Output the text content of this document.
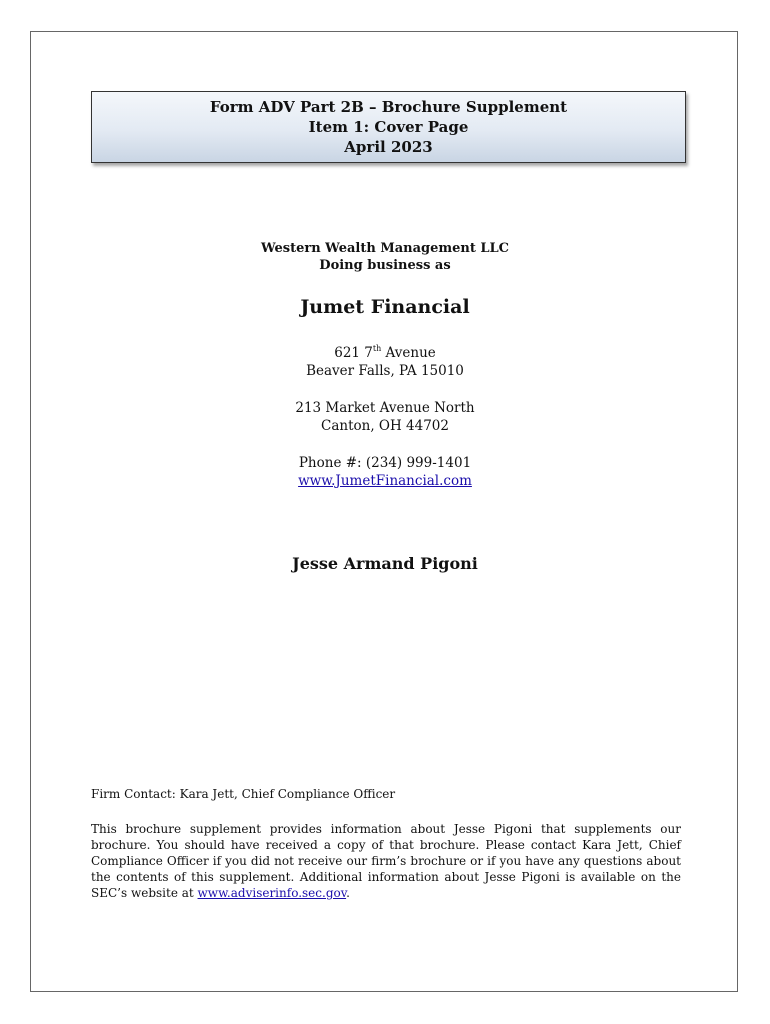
Form ADV Part 2B – Brochure Supplement
Item 1: Cover Page
April 2023
Western Wealth Management LLC
Doing business as
Jumet Financial
621 7th Avenue
Beaver Falls, PA 15010
213 Market Avenue North
Canton, OH 44702
Phone #: (234) 999-1401
www.JumetFinancial.com
Jesse Armand Pigoni
Firm Contact: Kara Jett, Chief Compliance Officer
This brochure supplement provides information about Jesse Pigoni that supplements our brochure. You should have received a copy of that brochure. Please contact Kara Jett, Chief Compliance Officer if you did not receive our firm’s brochure or if you have any questions about the contents of this supplement. Additional information about Jesse Pigoni is available on the SEC’s website at www.adviserinfo.sec.gov.
